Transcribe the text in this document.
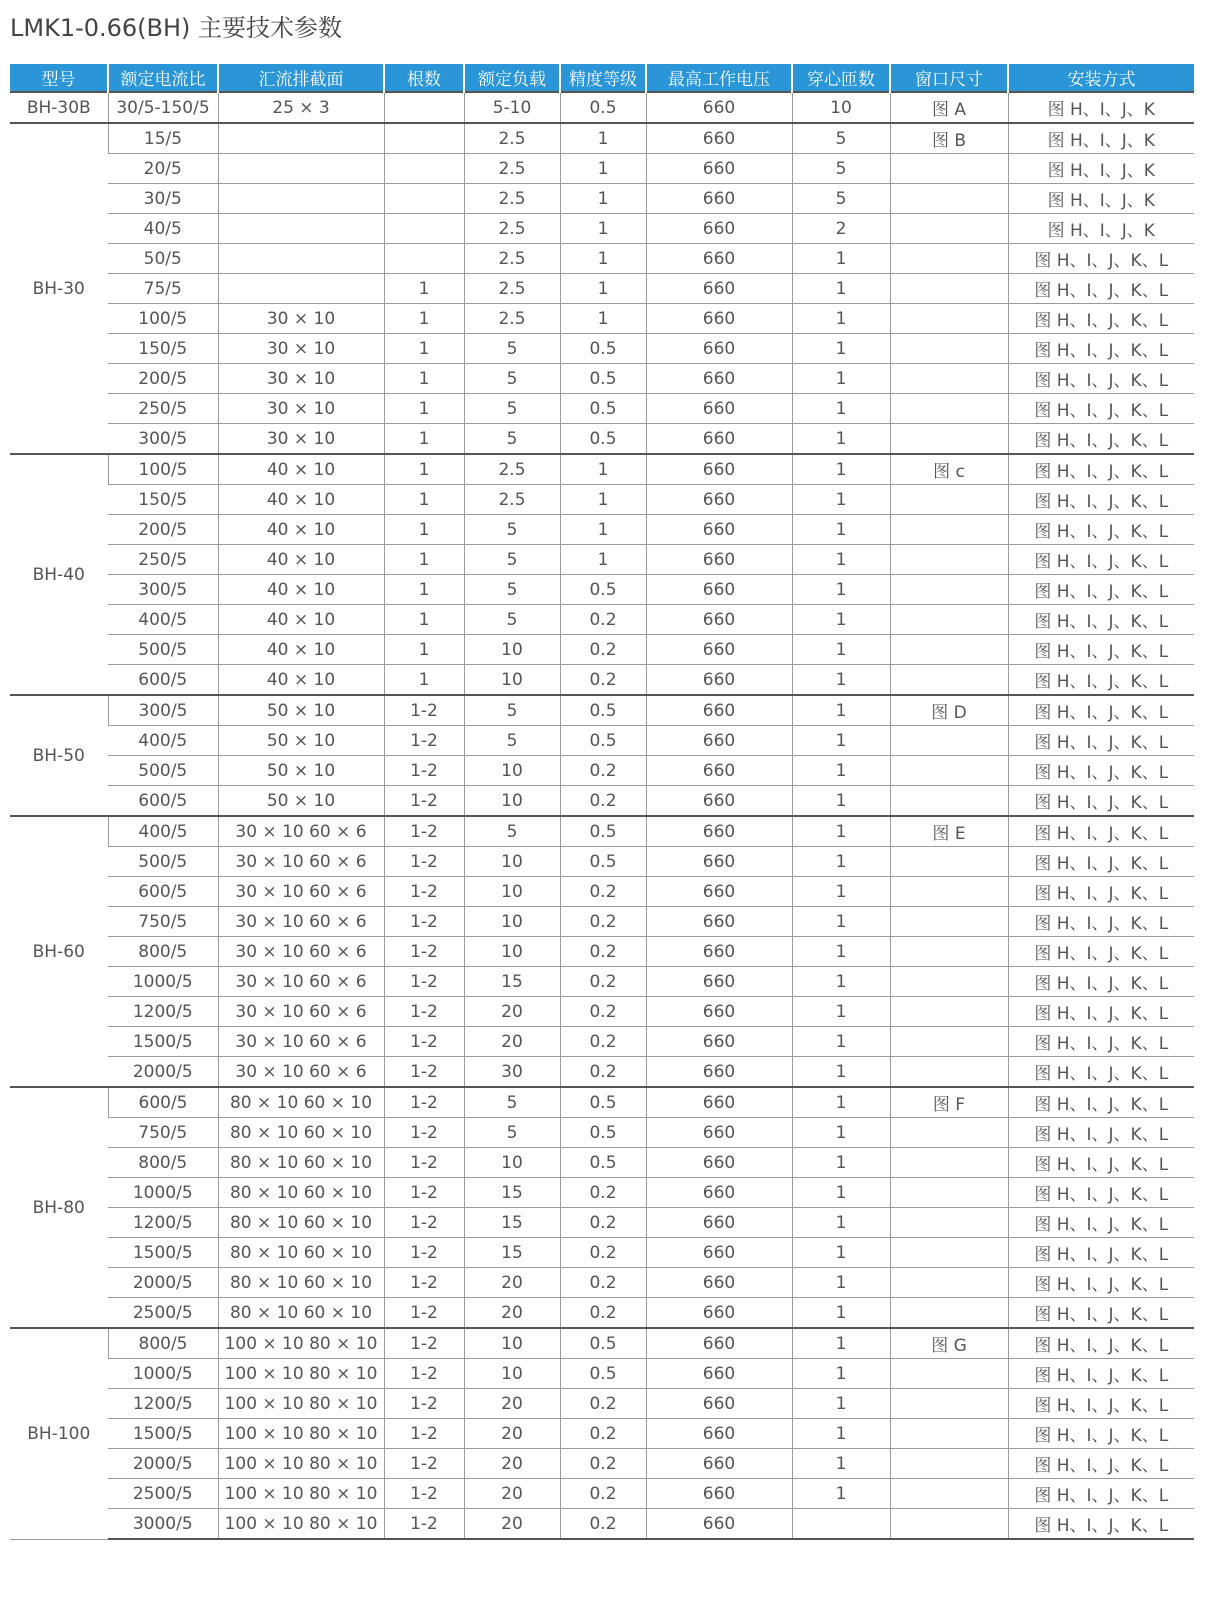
LMK1-0.66(BH) 主要技术参数
型号	额定电流比	汇流排截面	根数	额定负载	精度等级	最高工作电压	穿心匝数	窗口尺寸	安装方式
BH-30B	30/5-150/5	25 × 3		5-10	0.5	660	10	图 A	图 H、I、J、K
BH-30	15/5			2.5	1	660	5	图 B	图 H、I、J、K
	20/5			2.5	1	660	5		图 H、I、J、K
	30/5			2.5	1	660	5		图 H、I、J、K
	40/5			2.5	1	660	2		图 H、I、J、K
	50/5			2.5	1	660	1		图 H、I、J、K、L
	75/5		1	2.5	1	660	1		图 H、I、J、K、L
	100/5	30 × 10	1	2.5	1	660	1		图 H、I、J、K、L
	150/5	30 × 10	1	5	0.5	660	1		图 H、I、J、K、L
	200/5	30 × 10	1	5	0.5	660	1		图 H、I、J、K、L
	250/5	30 × 10	1	5	0.5	660	1		图 H、I、J、K、L
	300/5	30 × 10	1	5	0.5	660	1		图 H、I、J、K、L
BH-40	100/5	40 × 10	1	2.5	1	660	1	图 c	图 H、I、J、K、L
	150/5	40 × 10	1	2.5	1	660	1		图 H、I、J、K、L
	200/5	40 × 10	1	5	1	660	1		图 H、I、J、K、L
	250/5	40 × 10	1	5	1	660	1		图 H、I、J、K、L
	300/5	40 × 10	1	5	0.5	660	1		图 H、I、J、K、L
	400/5	40 × 10	1	5	0.2	660	1		图 H、I、J、K、L
	500/5	40 × 10	1	10	0.2	660	1		图 H、I、J、K、L
	600/5	40 × 10	1	10	0.2	660	1		图 H、I、J、K、L
BH-50	300/5	50 × 10	1-2	5	0.5	660	1	图 D	图 H、I、J、K、L
	400/5	50 × 10	1-2	5	0.5	660	1		图 H、I、J、K、L
	500/5	50 × 10	1-2	10	0.2	660	1		图 H、I、J、K、L
	600/5	50 × 10	1-2	10	0.2	660	1		图 H、I、J、K、L
BH-60	400/5	30 × 10 60 × 6	1-2	5	0.5	660	1	图 E	图 H、I、J、K、L
	500/5	30 × 10 60 × 6	1-2	10	0.5	660	1		图 H、I、J、K、L
	600/5	30 × 10 60 × 6	1-2	10	0.2	660	1		图 H、I、J、K、L
	750/5	30 × 10 60 × 6	1-2	10	0.2	660	1		图 H、I、J、K、L
	800/5	30 × 10 60 × 6	1-2	10	0.2	660	1		图 H、I、J、K、L
	1000/5	30 × 10 60 × 6	1-2	15	0.2	660	1		图 H、I、J、K、L
	1200/5	30 × 10 60 × 6	1-2	20	0.2	660	1		图 H、I、J、K、L
	1500/5	30 × 10 60 × 6	1-2	20	0.2	660	1		图 H、I、J、K、L
	2000/5	30 × 10 60 × 6	1-2	30	0.2	660	1		图 H、I、J、K、L
BH-80	600/5	80 × 10 60 × 10	1-2	5	0.5	660	1	图 F	图 H、I、J、K、L
	750/5	80 × 10 60 × 10	1-2	5	0.5	660	1		图 H、I、J、K、L
	800/5	80 × 10 60 × 10	1-2	10	0.5	660	1		图 H、I、J、K、L
	1000/5	80 × 10 60 × 10	1-2	15	0.2	660	1		图 H、I、J、K、L
	1200/5	80 × 10 60 × 10	1-2	15	0.2	660	1		图 H、I、J、K、L
	1500/5	80 × 10 60 × 10	1-2	15	0.2	660	1		图 H、I、J、K、L
	2000/5	80 × 10 60 × 10	1-2	20	0.2	660	1		图 H、I、J、K、L
	2500/5	80 × 10 60 × 10	1-2	20	0.2	660	1		图 H、I、J、K、L
BH-100	800/5	100 × 10 80 × 10	1-2	10	0.5	660	1	图 G	图 H、I、J、K、L
	1000/5	100 × 10 80 × 10	1-2	10	0.5	660	1		图 H、I、J、K、L
	1200/5	100 × 10 80 × 10	1-2	20	0.2	660	1		图 H、I、J、K、L
	1500/5	100 × 10 80 × 10	1-2	20	0.2	660	1		图 H、I、J、K、L
	2000/5	100 × 10 80 × 10	1-2	20	0.2	660	1		图 H、I、J、K、L
	2500/5	100 × 10 80 × 10	1-2	20	0.2	660	1		图 H、I、J、K、L
	3000/5	100 × 10 80 × 10	1-2	20	0.2	660			图 H、I、J、K、L
